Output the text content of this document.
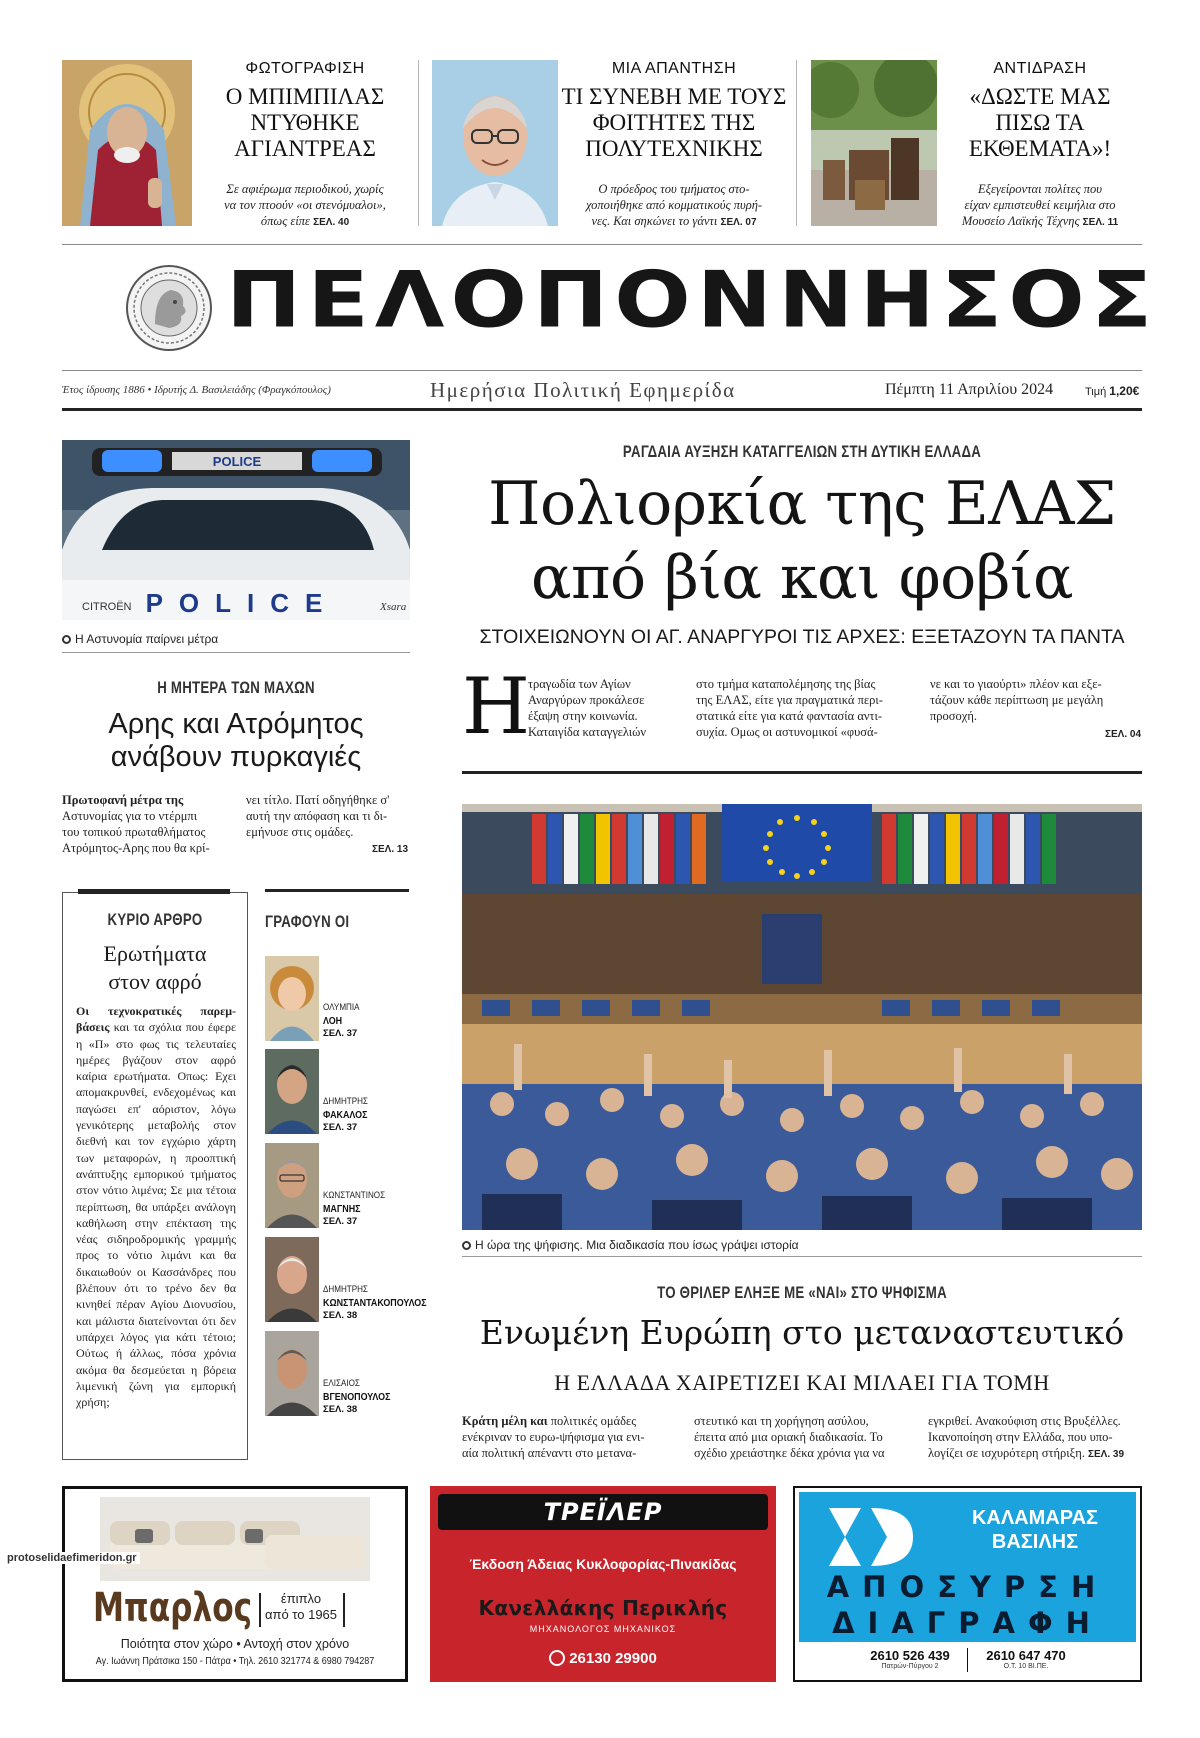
ΦΩΤΟΓΡΑΦΙΣΗ
Ο ΜΠΙΜΠΙΛΑΣ
ΝΤΥΘΗΚΕ
ΑΓΙΑΝΤΡΕΑΣ
Σε αφιέρωμα περιοδικού, χωρίς
να τον πτοούν «οι στενόμυαλοι»,
όπως είπε ΣΕΛ. 40
ΜΙΑ ΑΠΑΝΤΗΣΗ
ΤΙ ΣΥΝΕΒΗ ΜΕ ΤΟΥΣ
ΦΟΙΤΗΤΕΣ ΤΗΣ
ΠΟΛΥΤΕΧΝΙΚΗΣ
Ο πρόεδρος του τμήματος στο-
χοποιήθηκε από κομματικούς πυρή-
νες. Και σηκώνει το γάντι ΣΕΛ. 07
ΑΝΤΙΔΡΑΣΗ
«ΔΩΣΤΕ ΜΑΣ
ΠΙΣΩ ΤΑ
ΕΚΘΕΜΑΤΑ»!
Εξεγείρονται πολίτες που
είχαν εμπιστευθεί κειμήλια στο
Μουσείο Λαϊκής Τέχνης ΣΕΛ. 11
ΠΕΛΟΠΟΝΝΗΣΟΣ
Έτος ίδρυσης 1886 • Ιδρυτής Δ. Βασιλειάδης (Φραγκόπουλος)	Ημερήσια Πολιτική Εφημερίδα	Πέμπτη 11 Απριλίου 2024	Τιμή 1,20€
POLICE
CITROËN POLICE	Xsara
Η Αστυνομία παίρνει μέτρα
Η ΜΗΤΕΡΑ ΤΩΝ ΜΑΧΩΝ
Αρης και Ατρόμητος
ανάβουν πυρκαγιές
Πρωτοφανή μέτρα της
Αστυνομίας για το ντέρμπι
του τοπικού πρωταθλήματος
Ατρόμητος-Αρης που θα κρί-
νει τίτλο. Πατί οδηγήθηκε σ'
αυτή την απόφαση και τι δι-
εμήνυσε στις ομάδες.
ΣΕΛ. 13
ΚΥΡΙΟ ΑΡΘΡΟ
Ερωτήματα
στον αφρό
Οι τεχνοκρατικές παρεμ-βάσεις και τα σχόλια που έφερε η «Π» στο φως τις τελευταίες ημέρες βγάζουν στον αφρό καίρια ερωτήματα. Οπως: Εχει απομακρυνθεί, ενδεχομένως και παγώσει επ' αόριστον, λόγω γενικότερης μεταβολής στον διεθνή και τον εγχώριο χάρτη των μεταφορών, η προοπτική ανάπτυξης εμπορικού τμήματος στον νότιο λιμένα; Σε μια τέτοια περίπτωση, θα υπάρξει ανάλογη καθήλωση στην επέκταση της νέας σιδηροδρομικής γραμμής προς το νότιο λιμάνι και θα δικαιωθούν οι Κασσάνδρες που βλέπουν ότι το τρένο δεν θα κινηθεί πέραν Αγίου Διονυσίου, και μάλιστα διατείνονται ότι δεν υπάρχει λόγος για κάτι τέτοιο; Ούτως ή άλλως, πόσα χρόνια ακόμα θα δεσμεύεται η βόρεια λιμενική ζώνη για εμπορική χρήση;
ΓΡΑΦΟΥΝ ΟΙ
ΟΛΥΜΠΙΑ
ΛΟΗ
ΣΕΛ. 37
ΔΗΜΗΤΡΗΣ
ΦΑΚΑΛΟΣ
ΣΕΛ. 37
ΚΩΝΣΤΑΝΤΙΝΟΣ
ΜΑΓΝΗΣ
ΣΕΛ. 37
ΔΗΜΗΤΡΗΣ
ΚΩΝΣΤΑΝΤΑΚΟΠΟΥΛΟΣ
ΣΕΛ. 38
ΕΛΙΣΑΙΟΣ
ΒΓΕΝΟΠΟΥΛΟΣ
ΣΕΛ. 38
ΡΑΓΔΑΙΑ ΑΥΞΗΣΗ ΚΑΤΑΓΓΕΛΙΩΝ ΣΤΗ ΔΥΤΙΚΗ ΕΛΛΑΔΑ
Πολιορκία της ΕΛΑΣ
από βία και φοβία
ΣΤΟΙΧΕΙΩΝΟΥΝ ΟΙ ΑΓ. ΑΝΑΡΓΥΡΟΙ ΤΙΣ ΑΡΧΕΣ: ΕΞΕΤΑΖΟΥΝ ΤΑ ΠΑΝΤΑ
Η
τραγωδία των Αγίων
Αναργύρων προκάλεσε
έξαψη στην κοινωνία.
Καταιγίδα καταγγελιών
στο τμήμα καταπολέμησης της βίας
της ΕΛΑΣ, είτε για πραγματικά περι-
στατικά είτε για κατά φαντασία αντι-
συχία. Ομως οι αστυνομικοί «φυσά-
νε και το γιαούρτι» πλέον και εξε-
τάζουν κάθε περίπτωση με μεγάλη
προσοχή.
ΣΕΛ. 04
Η ώρα της ψήφισης. Μια διαδικασία που ίσως γράψει ιστορία
ΤΟ ΘΡΙΛΕΡ ΕΛΗΞΕ ΜΕ «ΝΑΙ» ΣΤΟ ΨΗΦΙΣΜΑ
Ενωμένη Ευρώπη στο μεταναστευτικό
Η ΕΛΛΑΔΑ ΧΑΙΡΕΤΙΖΕΙ ΚΑΙ ΜΙΛΑΕΙ ΓΙΑ ΤΟΜΗ
Κράτη μέλη και πολιτικές ομάδες
ενέκριναν το ευρω-ψήφισμα για ενι-
αία πολιτική απέναντι στο μετανα-
στευτικό και τη χορήγηση ασύλου,
έπειτα από μια οριακή διαδικασία. Το
σχέδιο χρειάστηκε δέκα χρόνια για να
εγκριθεί. Ανακούφιση στις Βρυξέλλες.
Ικανοποίηση στην Ελλάδα, που υπο-
λογίζει σε ισχυρότερη στήριξη. ΣΕΛ. 39
Μπαρλος	έπιπλο
από το 1965
Ποιότητα στον χώρο • Αντοχή στον χρόνο
Αγ. Ιωάννη Πράτσικα 150 - Πάτρα • Τηλ. 2610 321774 & 6980 794287
ΤΡΕΪΛΕΡ
Έκδοση Άδειας Κυκλοφορίας-Πινακίδας
Κανελλάκης Περικλής
ΜΗΧΑΝΟΛΟΓΟΣ ΜΗΧΑΝΙΚΟΣ
26130 29900
ΚΑΛΑΜΑΡΑΣ
ΒΑΣΙΛΗΣ
ΑΠΟΣΥΡΣΗ
ΔΙΑΓΡΑΦΗ
2610 526 439
Πατρών-Πύργου 2
2610 647 470
Ο.Τ. 10 ΒΙ.ΠΕ.
protoselidaefimeridon.gr
